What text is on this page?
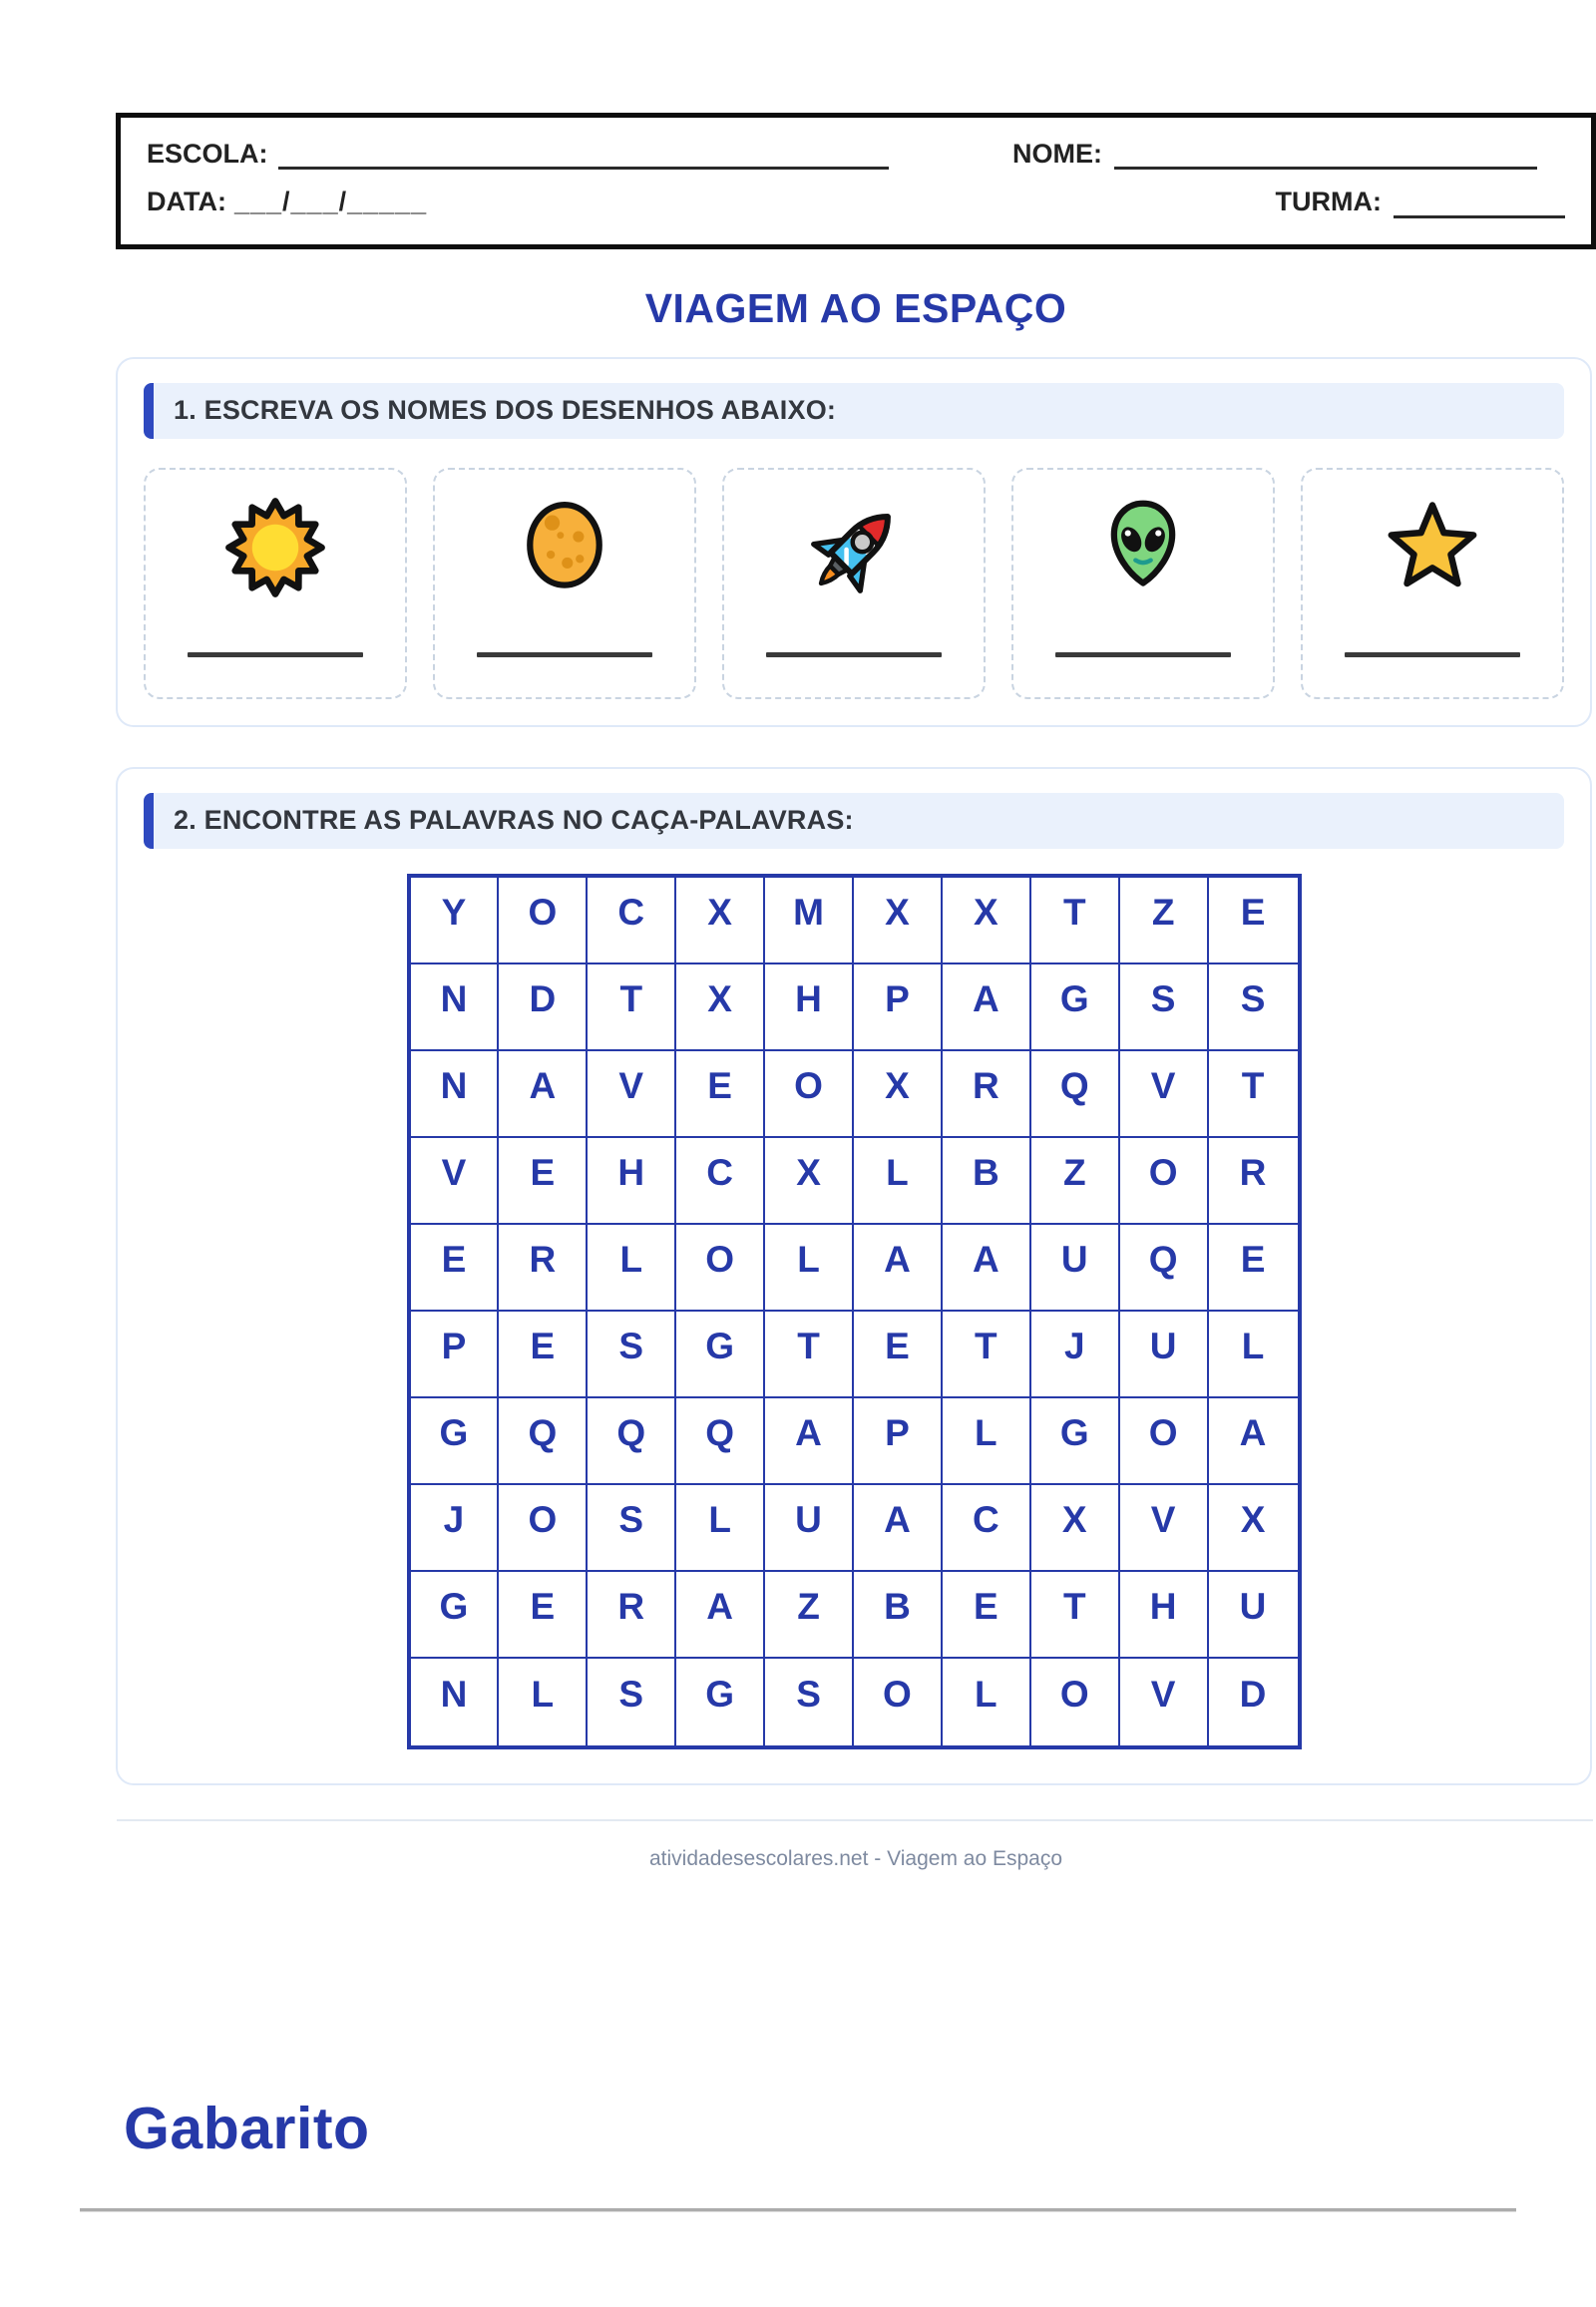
ESCOLA:	NOME:
DATA: ___/___/_____	TURMA:
VIAGEM AO ESPAÇO
1. ESCREVA OS NOMES DOS DESENHOS ABAIXO:
2. ENCONTRE AS PALAVRAS NO CAÇA-PALAVRAS:
Y	O	C	X	M	X	X	T	Z	E
N	D	T	X	H	P	A	G	S	S
N	A	V	E	O	X	R	Q	V	T
V	E	H	C	X	L	B	Z	O	R
E	R	L	O	L	A	A	U	Q	E
P	E	S	G	T	E	T	J	U	L
G	Q	Q	Q	A	P	L	G	O	A
J	O	S	L	U	A	C	X	V	X
G	E	R	A	Z	B	E	T	H	U
N	L	S	G	S	O	L	O	V	D
atividadesescolares.net - Viagem ao Espaço
Gabarito
